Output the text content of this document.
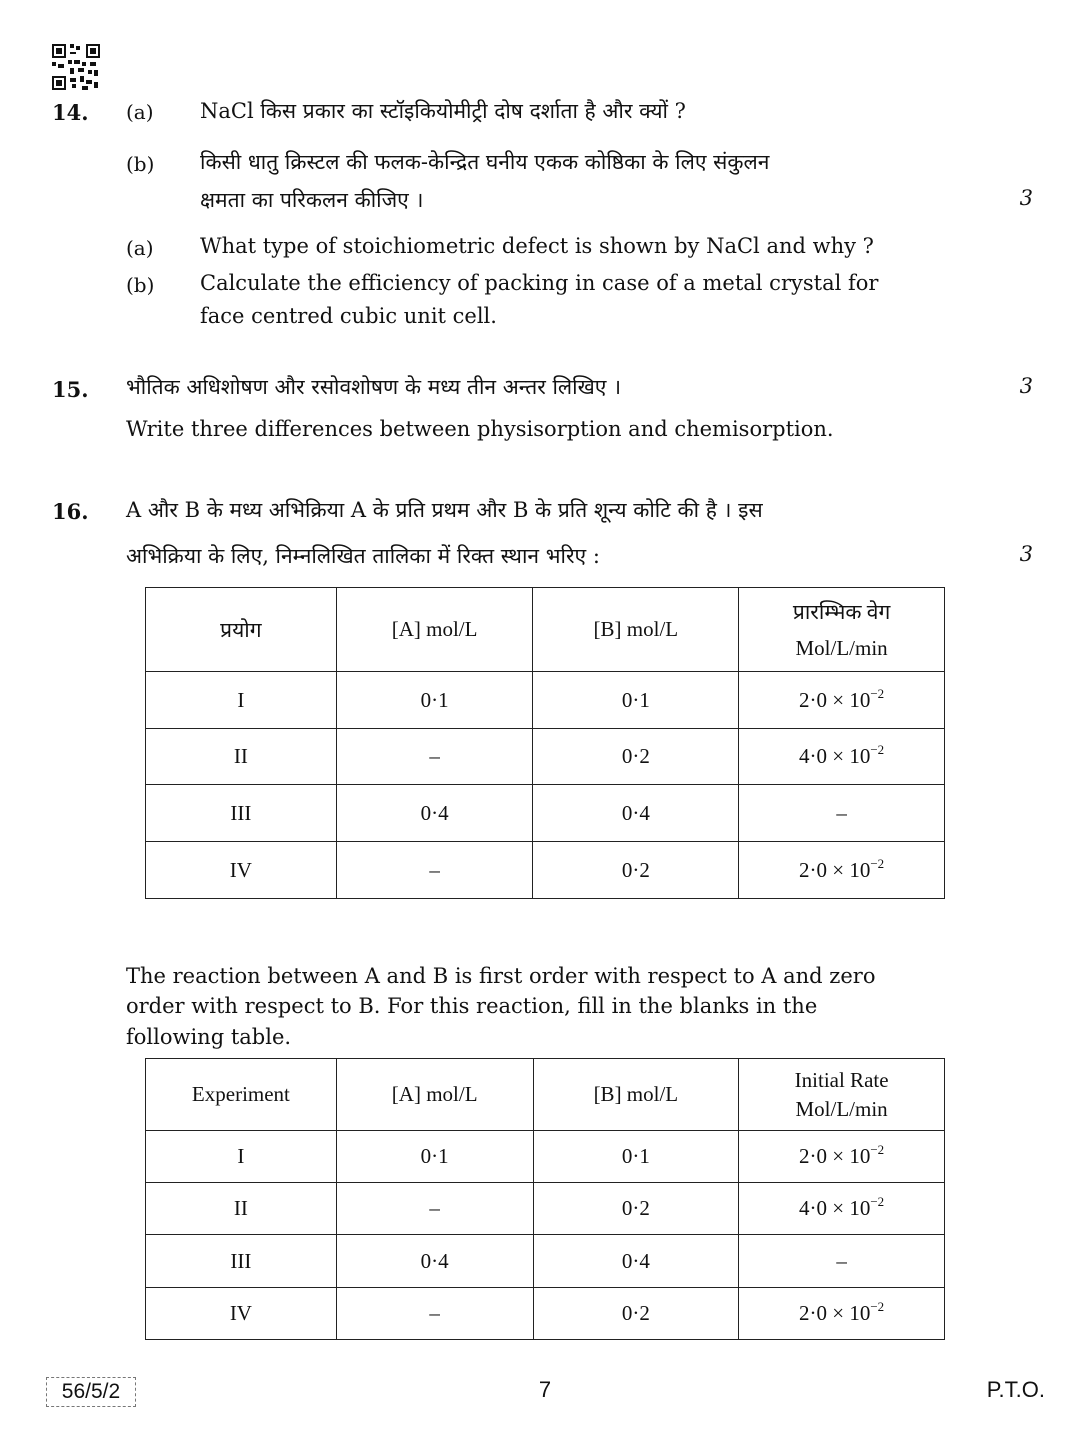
14. (a) NaCl किस प्रकार का स्टॉइकियोमीट्री दोष दर्शाता है और क्यों ?
(b) किसी धातु क्रिस्टल की फलक-केन्द्रित घनीय एकक कोष्ठिका के लिए संकुलन
क्षमता का परिकलन कीजिए ।	3
(a) What type of stoichiometric defect is shown by NaCl and why ?
(b) Calculate the efficiency of packing in case of a metal crystal for
face centred cubic unit cell.
15. भौतिक अधिशोषण और रसोवशोषण के मध्य तीन अन्तर लिखिए ।	3
Write three differences between physisorption and chemisorption.
16. A और B के मध्य अभिक्रिया A के प्रति प्रथम और B के प्रति शून्य कोटि की है । इस
अभिक्रिया के लिए, निम्नलिखित तालिका में रिक्त स्थान भरिए :	3
प्रयोग	[A] mol/L	[B] mol/L	प्रारम्भिक वेग
Mol/L/min
I	0·1	0·1	$2\cdot 0 \times 10^{-2}$
II	–	0·2	$4\cdot 0 \times 10^{-2}$
III	0·4	0·4	–
IV	–	0·2	$2\cdot 0 \times 10^{-2}$
The reaction between A and B is first order with respect to A and zero
order with respect to B. For this reaction, fill in the blanks in the
following table.
Experiment	[A] mol/L	[B] mol/L	Initial Rate
Mol/L/min
I	0·1	0·1	$2\cdot 0 \times 10^{-2}$
II	–	0·2	$4\cdot 0 \times 10^{-2}$
III	0·4	0·4	–
IV	–	0·2	$2\cdot 0 \times 10^{-2}$
56/5/2	7	P.T.O.
